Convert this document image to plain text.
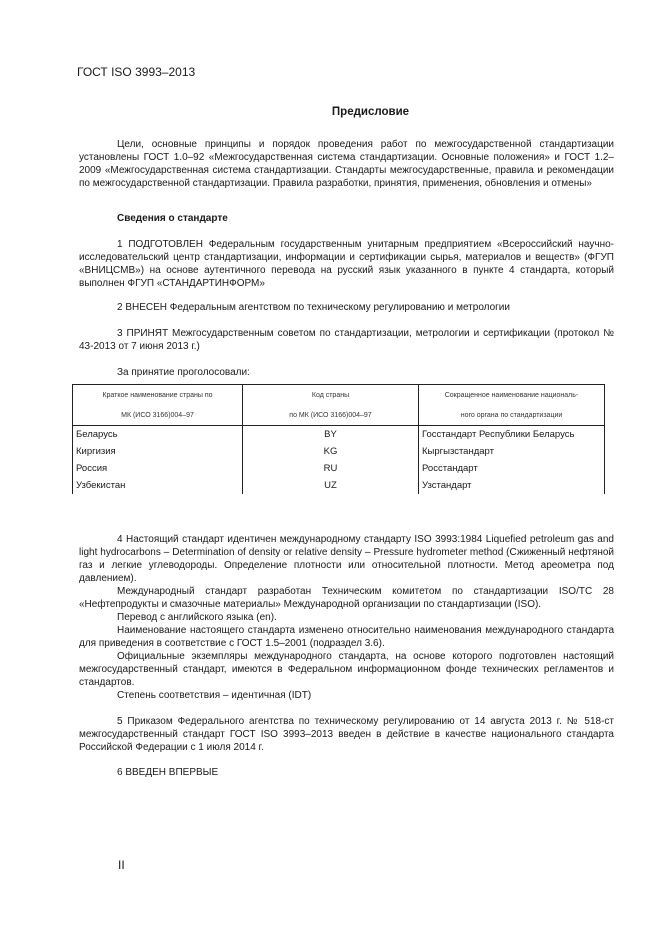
ГОСТ ISO 3993–2013
Предисловие

Цели, основные принципы и порядок проведения работ по межгосударственной стандартизации установлены ГОСТ 1.0–92 «Межгосударственная система стандартизации. Основные положения» и ГОСТ 1.2–2009 «Межгосударственная система стандартизации. Стандарты межгосударственные, правила и рекомендации по межгосударственной стандартизации. Правила разработки, принятия, применения, обновления и отмены»

Сведения о стандарте

1 ПОДГОТОВЛЕН Федеральным государственным унитарным предприятием «Всероссийский научно-исследовательский центр стандартизации, информации и сертификации сырья, материалов и веществ» (ФГУП «ВНИЦСМВ») на основе аутентичного перевода на русский язык указанного в пункте 4 стандарта, который выполнен ФГУП «СТАНДАРТИНФОРМ»

2 ВНЕСЕН Федеральным агентством по техническому регулированию и метрологии

3 ПРИНЯТ Межгосударственным советом по стандартизации, метрологии и сертификации (протокол № 43-2013 от 7 июня 2013 г.)

За принятие проголосовали:

Краткое наименование страны по	Код страны	Сокращенное наименование националь-
МК (ИСО 3166)004–97	по МК (ИСО 3166)004–97	ного органа по стандартизации
Беларусь	BY	Госстандарт Республики Беларусь
Киргизия	KG	Кыргызстандарт
Россия	RU	Росстандарт
Узбекистан	UZ	Узстандарт

4 Настоящий стандарт идентичен международному стандарту ISO 3993:1984 Liquefied petroleum gas and light hydrocarbons – Determination of density or relative density – Pressure hydrometer method (Сжиженный нефтяной газ и легкие углеводороды. Определение плотности или относительной плотности. Метод ареометра под давлением).

Международный стандарт разработан Техническим комитетом по стандартизации ISO/TC 28 «Нефтепродукты и смазочные материалы» Международной организации по стандартизации (ISO).

Перевод с английского языка (en).

Наименование настоящего стандарта изменено относительно наименования международного стандарта для приведения в соответствие с ГОСТ 1.5–2001 (подраздел 3.6).

Официальные экземпляры международного стандарта, на основе которого подготовлен настоящий межгосударственный стандарт, имеются в Федеральном информационном фонде технических регламентов и стандартов.

Степень соответствия – идентичная (IDT)

5 Приказом Федерального агентства по техническому регулированию от 14 августа 2013 г. № 518-ст межгосударственный стандарт ГОСТ ISO 3993–2013 введен в действие в качестве национального стандарта Российской Федерации с 1 июля 2014 г.

6 ВВЕДЕН ВПЕРВЫЕ

II
